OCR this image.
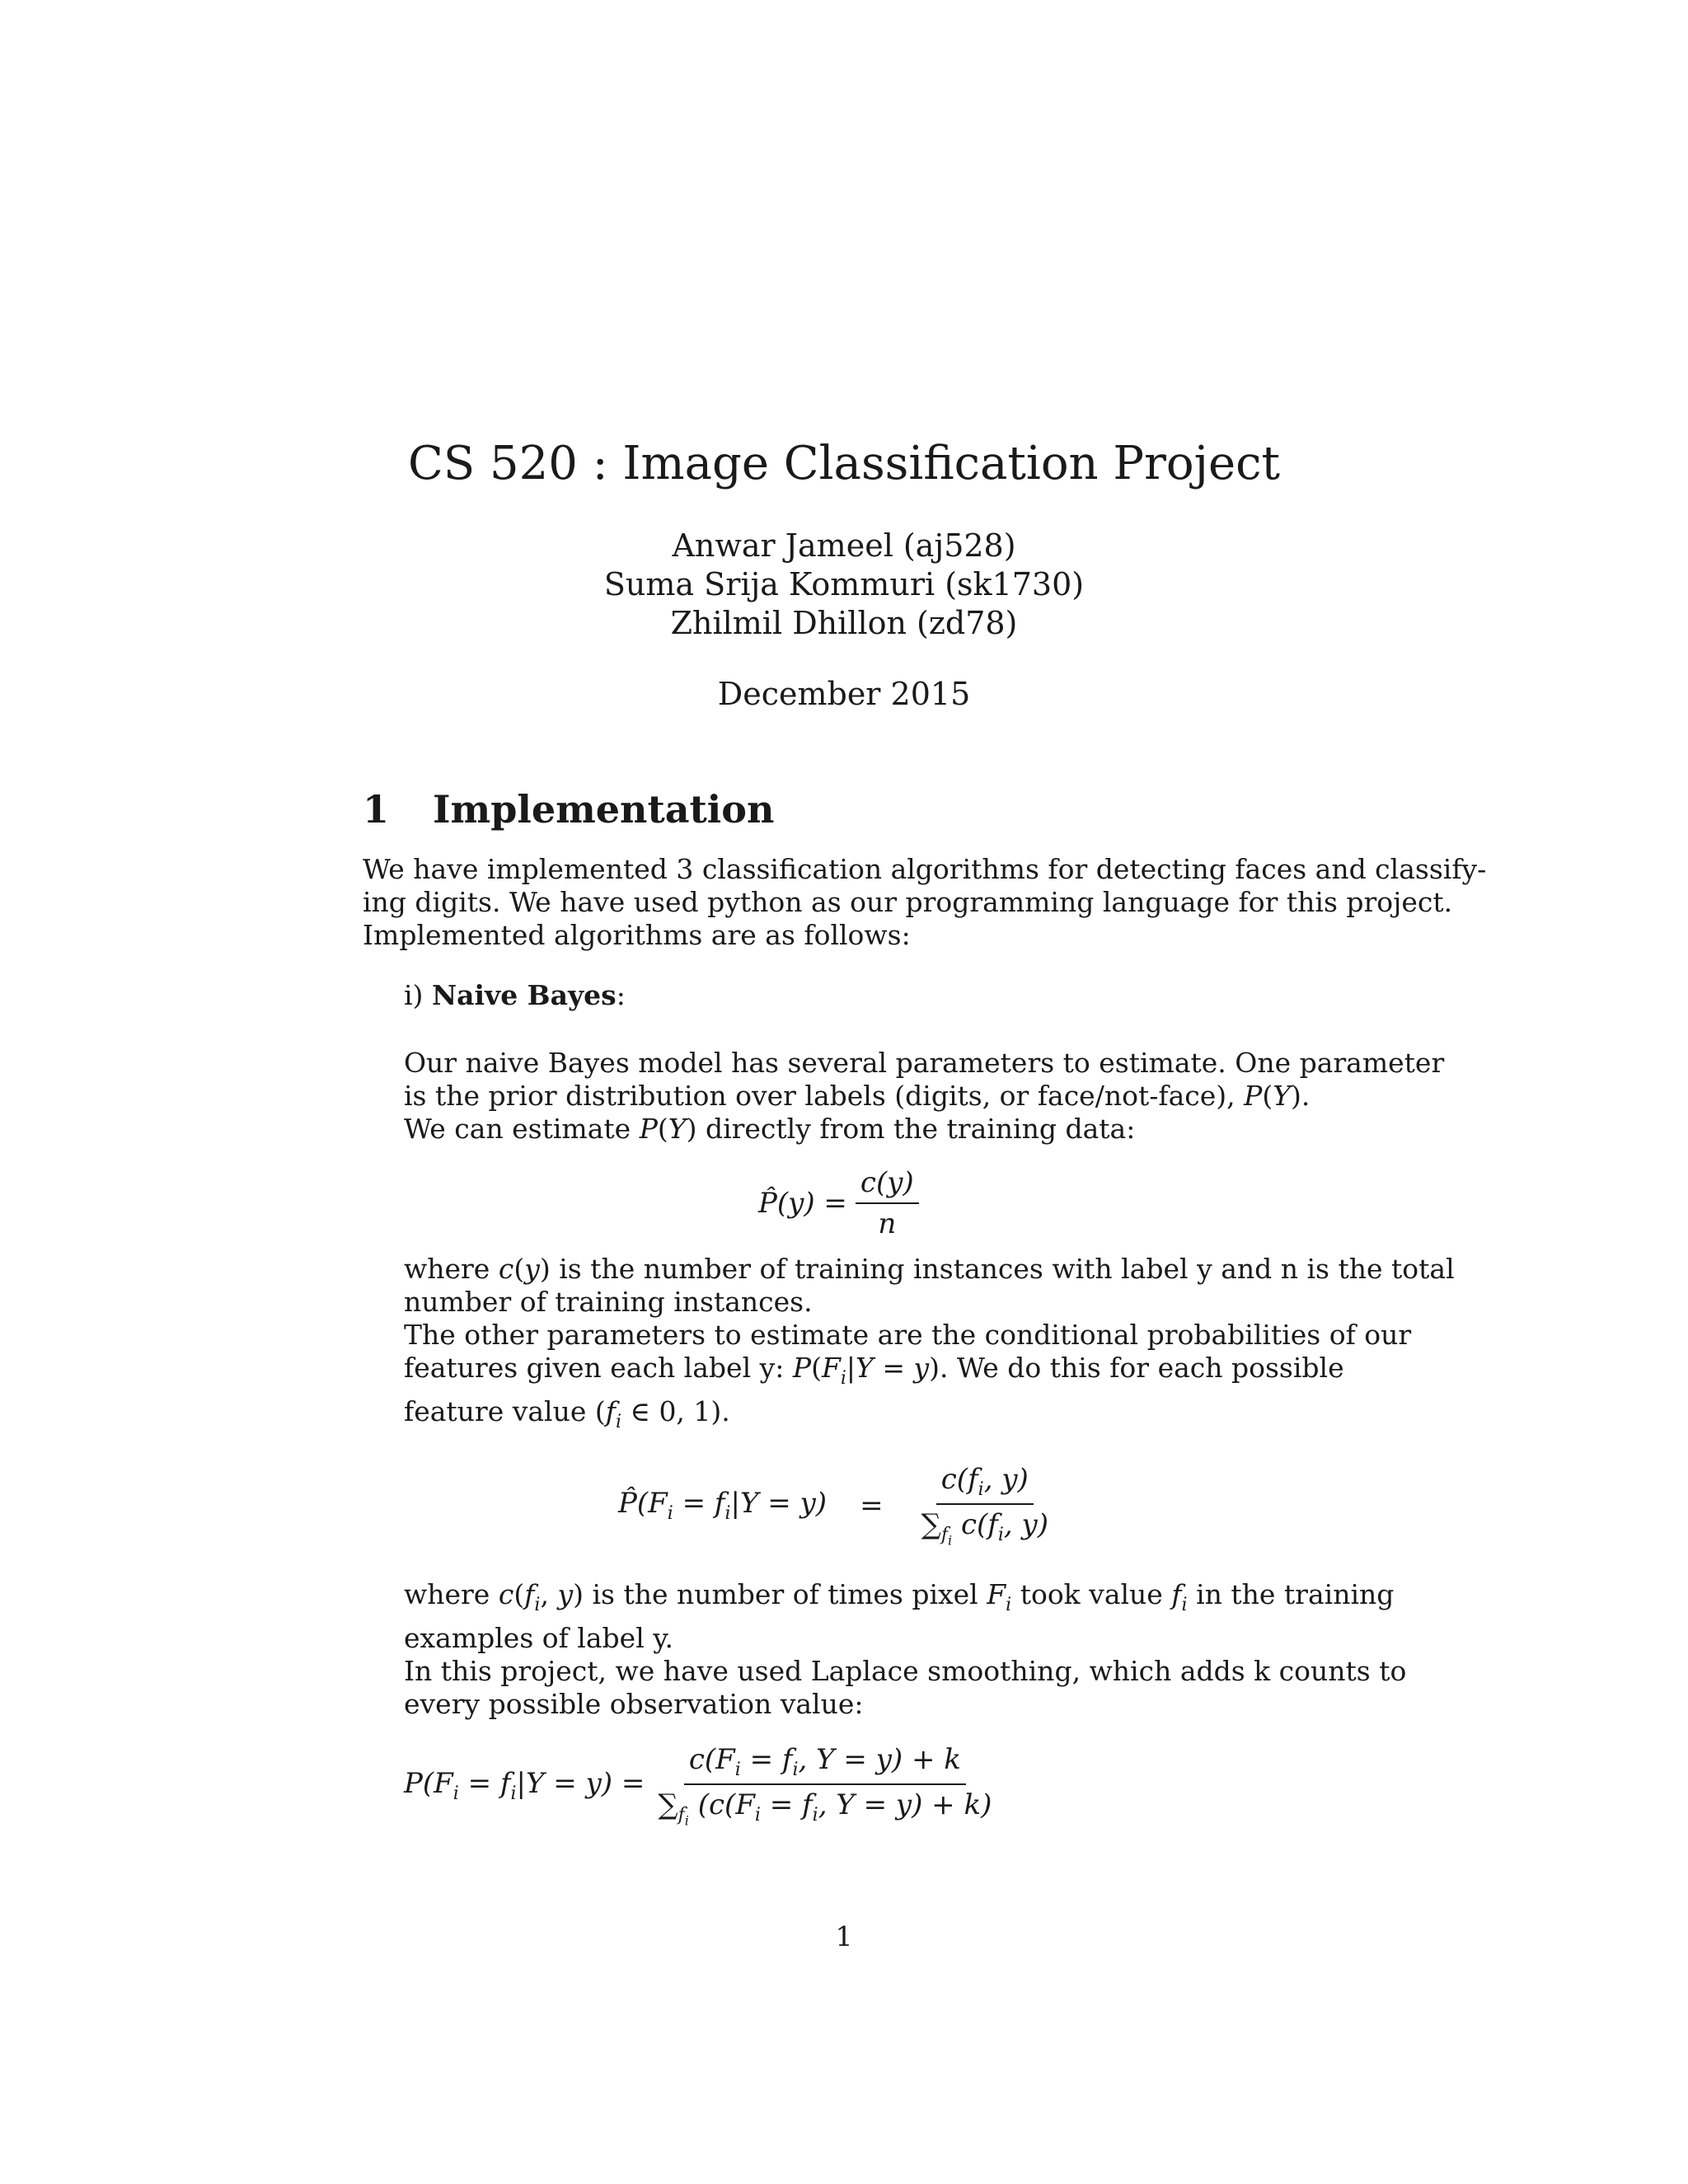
CS 520 : Image Classification Project
Anwar Jameel (aj528)
Suma Srija Kommuri (sk1730)
Zhilmil Dhillon (zd78)
December 2015
1 Implementation
We have implemented 3 classification algorithms for detecting faces and classify-
ing digits. We have used python as our programming language for this project.
Implemented algorithms are as follows:
i) Naive Bayes:
Our naive Bayes model has several parameters to estimate. One parameter
is the prior distribution over labels (digits, or face/not-face), P(Y).
We can estimate P(Y) directly from the training data:
P̂(y) = $\frac{c(y)}{n}$
where c(y) is the number of training instances with label y and n is the total
number of training instances.
The other parameters to estimate are the conditional probabilities of our
features given each label y: $P(F_i|Y = y)$. We do this for each possible
feature value ($f_i$ ∈ 0, 1).
$P̂(F_i = f_i|Y = y) = \frac{c(f_i, y)}{\sum_{f_i} c(f_i, y)}$
where $c(f_i$, y) is the number of times pixel $F_i$ took value $f_i$ in the training
examples of label y.
In this project, we have used Laplace smoothing, which adds k counts to
every possible observation value:
$P(F_i = f_i|Y = y) = \frac{c(F_i = f_i, Y = y) + k}{\sum_{f_i} (c(F_i = f_i, Y = y) + k)}$
1
